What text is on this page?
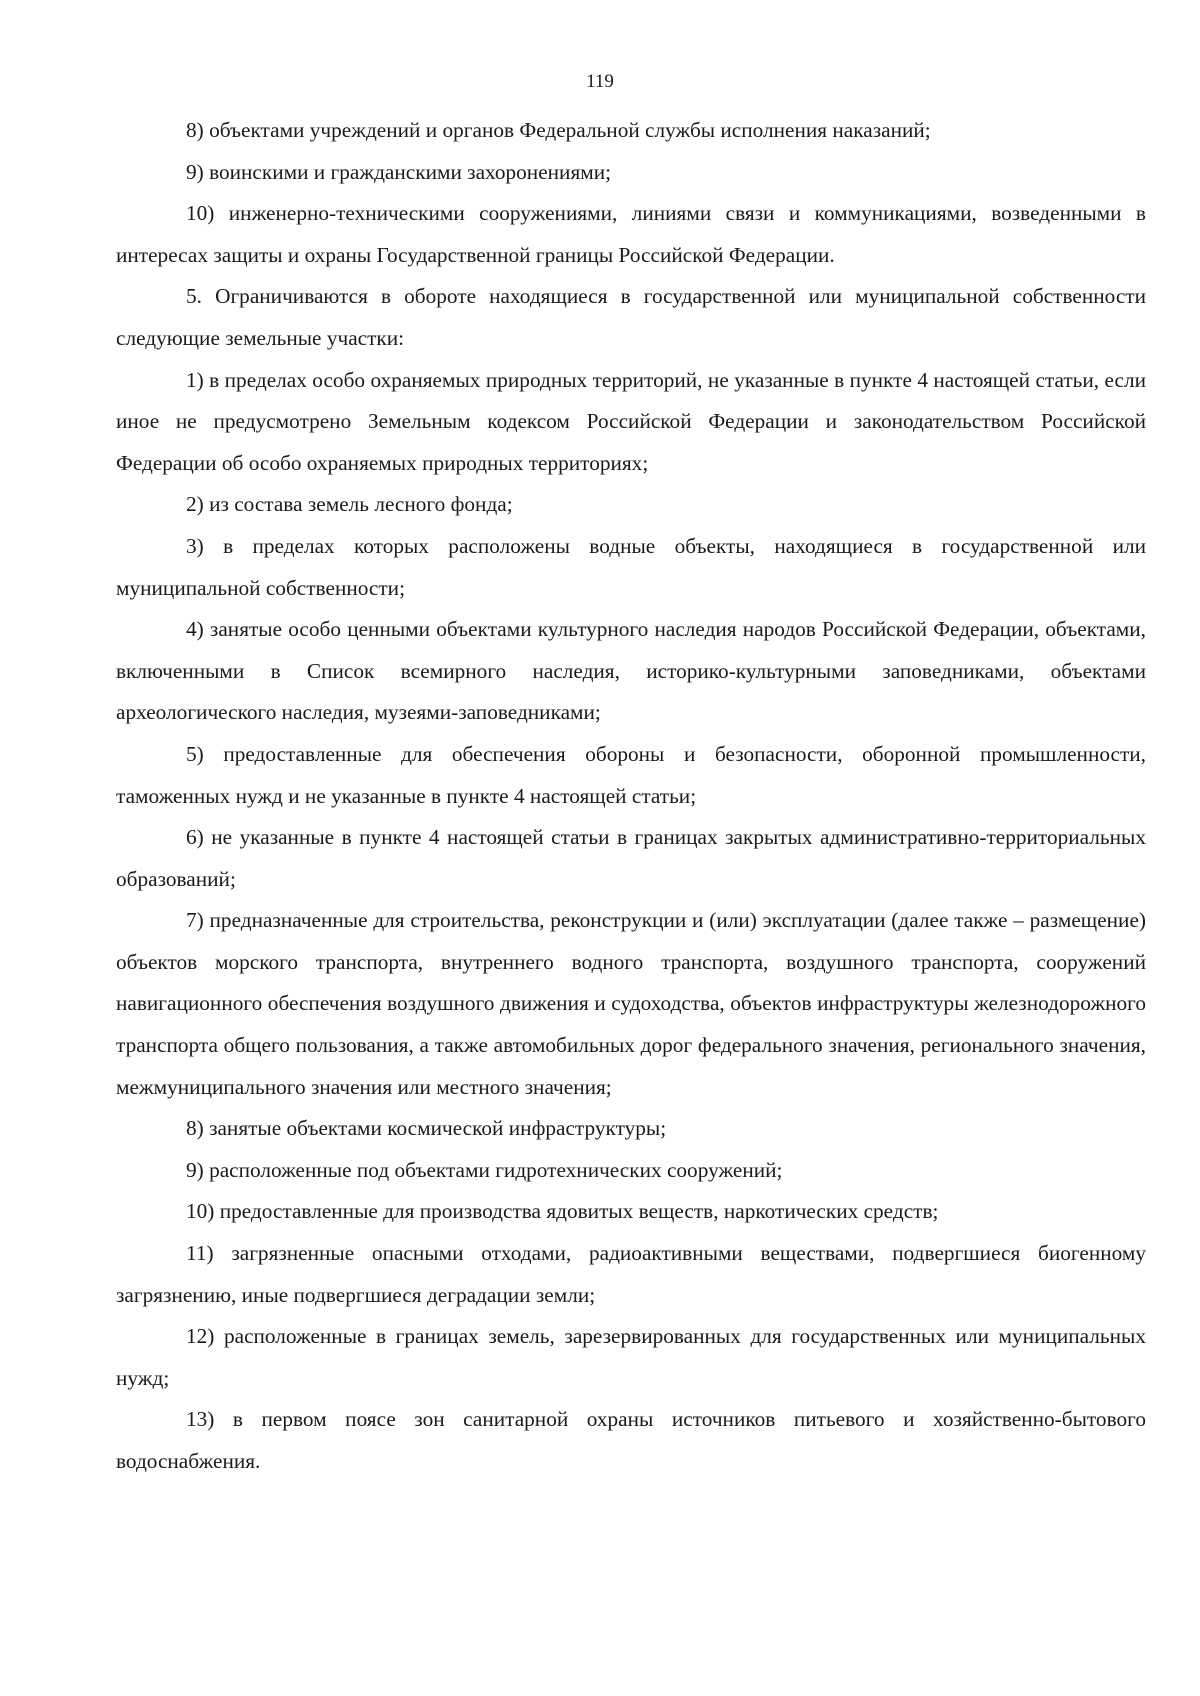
119

8) объектами учреждений и органов Федеральной службы исполнения наказаний;

9) воинскими и гражданскими захоронениями;

10) инженерно-техническими сооружениями, линиями связи и коммуникациями, возведенными в интересах защиты и охраны Государственной границы Российской Федерации.

5. Ограничиваются в обороте находящиеся в государственной или муниципальной собственности следующие земельные участки:

1) в пределах особо охраняемых природных территорий, не указанные в пункте 4 настоящей статьи, если иное не предусмотрено Земельным кодексом Российской Федерации и законодательством Российской Федерации об особо охраняемых природных территориях;

2) из состава земель лесного фонда;

3) в пределах которых расположены водные объекты, находящиеся в государственной или муниципальной собственности;

4) занятые особо ценными объектами культурного наследия народов Российской Федерации, объектами, включенными в Список всемирного наследия, историко-культурными заповедниками, объектами археологического наследия, музеями-заповедниками;

5) предоставленные для обеспечения обороны и безопасности, оборонной промышленности, таможенных нужд и не указанные в пункте 4 настоящей статьи;

6) не указанные в пункте 4 настоящей статьи в границах закрытых административно-территориальных образований;

7) предназначенные для строительства, реконструкции и (или) эксплуатации (далее также – размещение) объектов морского транспорта, внутреннего водного транспорта, воздушного транспорта, сооружений навигационного обеспечения воздушного движения и судоходства, объектов инфраструктуры железнодорожного транспорта общего пользования, а также автомобильных дорог федерального значения, регионального значения, межмуниципального значения или местного значения;

8) занятые объектами космической инфраструктуры;

9) расположенные под объектами гидротехнических сооружений;

10) предоставленные для производства ядовитых веществ, наркотических средств;

11) загрязненные опасными отходами, радиоактивными веществами, подвергшиеся биогенному загрязнению, иные подвергшиеся деградации земли;

12) расположенные в границах земель, зарезервированных для государственных или муниципальных нужд;

13) в первом поясе зон санитарной охраны источников питьевого и хозяйственно-бытового водоснабжения.
